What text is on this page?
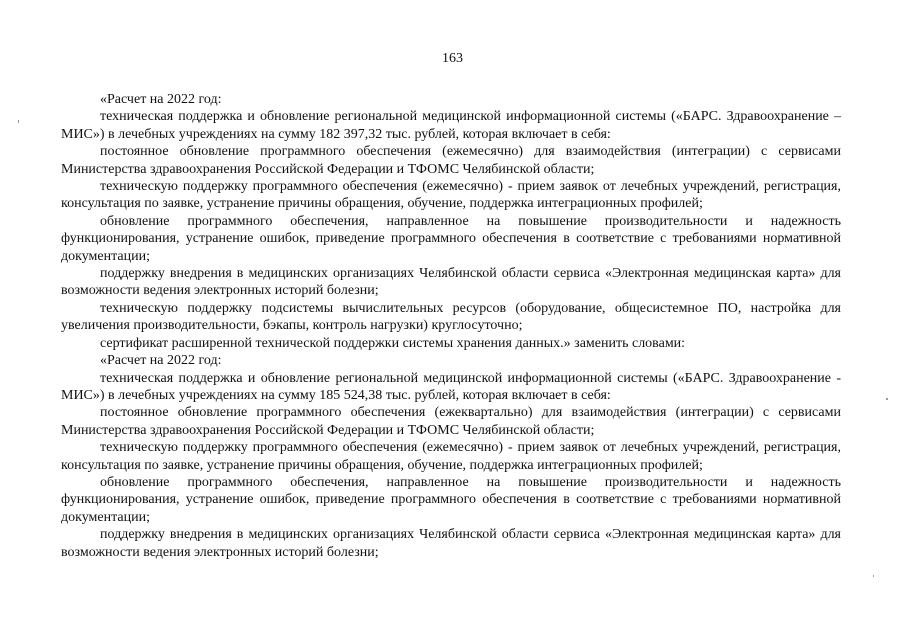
163

«Расчет на 2022 год:

техническая поддержка и обновление региональной медицинской информационной системы («БАРС. Здравоохранение – МИС») в лечебных учреждениях на сумму 182 397,32 тыс. рублей, которая включает в себя:

постоянное обновление программного обеспечения (ежемесячно) для взаимодействия (интеграции) с сервисами Министерства здравоохранения Российской Федерации и ТФОМС Челябинской области;

техническую поддержку программного обеспечения (ежемесячно) - прием заявок от лечебных учреждений, регистрация, консультация по заявке, устранение причины обращения, обучение, поддержка интеграционных профилей;

обновление программного обеспечения, направленное на повышение производительности и надежность функционирования, устранение ошибок, приведение программного обеспечения в соответствие с требованиями нормативной документации;

поддержку внедрения в медицинских организациях Челябинской области сервиса «Электронная медицинская карта» для возможности ведения электронных историй болезни;

техническую поддержку подсистемы вычислительных ресурсов (оборудование, общесистемное ПО, настройка для увеличения производительности, бэкапы, контроль нагрузки) круглосуточно;

сертификат расширенной технической поддержки системы хранения данных.» заменить словами:

«Расчет на 2022 год:

техническая поддержка и обновление региональной медицинской информационной системы («БАРС. Здравоохранение - МИС») в лечебных учреждениях на сумму 185 524,38 тыс. рублей, которая включает в себя:

постоянное обновление программного обеспечения (ежеквартально) для взаимодействия (интеграции) с сервисами Министерства здравоохранения Российской Федерации и ТФОМС Челябинской области;

техническую поддержку программного обеспечения (ежемесячно) - прием заявок от лечебных учреждений, регистрация, консультация по заявке, устранение причины обращения, обучение, поддержка интеграционных профилей;

обновление программного обеспечения, направленное на повышение производительности и надежность функционирования, устранение ошибок, приведение программного обеспечения в соответствие с требованиями нормативной документации;

поддержку внедрения в медицинских организациях Челябинской области сервиса «Электронная медицинская карта» для возможности ведения электронных историй болезни;
